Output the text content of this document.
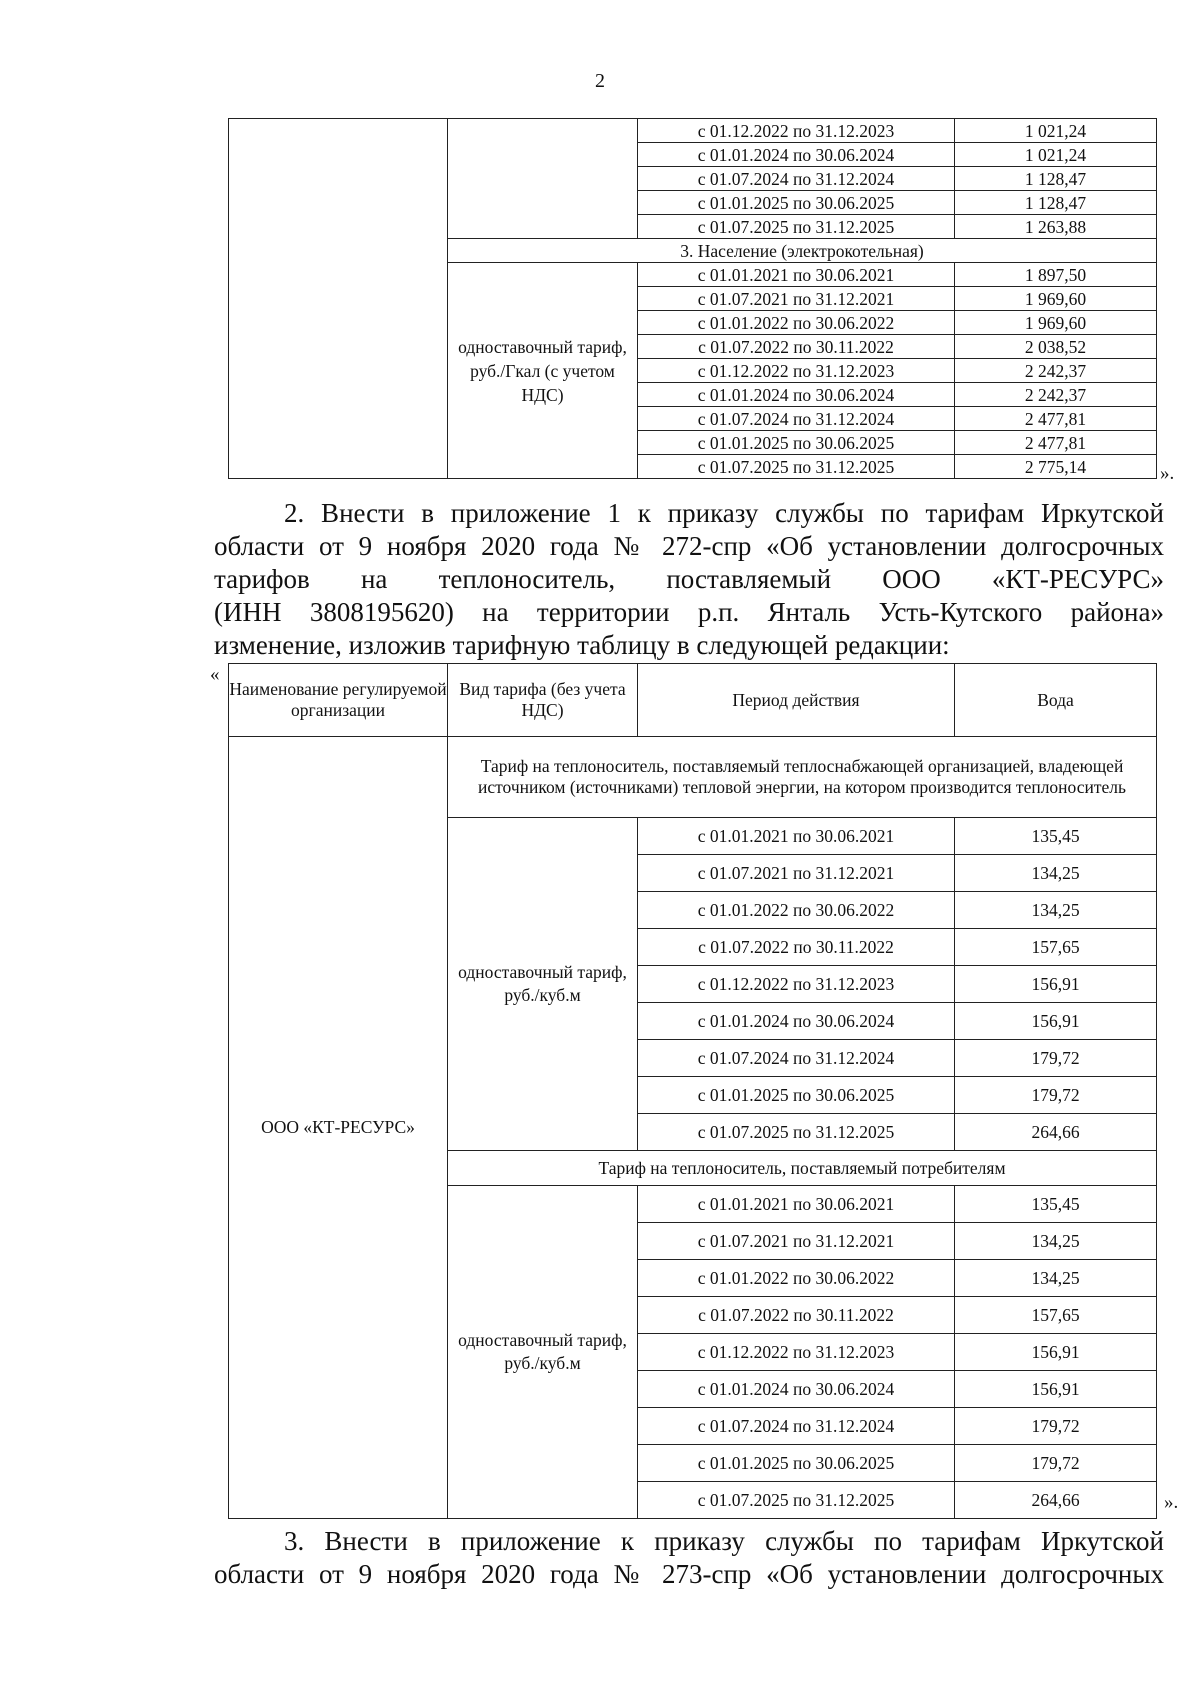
2
		с 01.12.2022 по 31.12.2023	1 021,24
		с 01.01.2024 по 30.06.2024	1 021,24
		с 01.07.2024 по 31.12.2024	1 128,47
		с 01.01.2025 по 30.06.2025	1 128,47
		с 01.07.2025 по 31.12.2025	1 263,88
	3. Население (электрокотельная)		
	одноставочный тариф, руб./Гкал (с учетом НДС)	с 01.01.2021 по 30.06.2021	1 897,50
		с 01.07.2021 по 31.12.2021	1 969,60
		с 01.01.2022 по 30.06.2022	1 969,60
		с 01.07.2022 по 30.11.2022	2 038,52
		с 01.12.2022 по 31.12.2023	2 242,37
		с 01.01.2024 по 30.06.2024	2 242,37
		с 01.07.2024 по 31.12.2024	2 477,81
		с 01.01.2025 по 30.06.2025	2 477,81
		с 01.07.2025 по 31.12.2025	2 775,14	».
2. Внести в приложение 1 к приказу службы по тарифам Иркутской
области от 9 ноября 2020 года № 272-спр «Об установлении долгосрочных
тарифов на теплоноситель, поставляемый ООО «КТ-РЕСУРС»
(ИНН 3808195620) на территории р.п. Янталь Усть-Кутского района»
изменение, изложив тарифную таблицу в следующей редакции:
«
Наименование регулируемой организации	Вид тарифа (без учета НДС)	Период действия	Вода
ООО «КТ-РЕСУРС»	Тариф на теплоноситель, поставляемый теплоснабжающей организацией, владеющей источником (источниками) тепловой энергии, на котором производится теплоноситель		
	одноставочный тариф, руб./куб.м	с 01.01.2021 по 30.06.2021	135,45
		с 01.07.2021 по 31.12.2021	134,25
		с 01.01.2022 по 30.06.2022	134,25
		с 01.07.2022 по 30.11.2022	157,65
		с 01.12.2022 по 31.12.2023	156,91
		с 01.01.2024 по 30.06.2024	156,91
		с 01.07.2024 по 31.12.2024	179,72
		с 01.01.2025 по 30.06.2025	179,72
		с 01.07.2025 по 31.12.2025	264,66
	Тариф на теплоноситель, поставляемый потребителям		
	одноставочный тариф, руб./куб.м	с 01.01.2021 по 30.06.2021	135,45
		с 01.07.2021 по 31.12.2021	134,25
		с 01.01.2022 по 30.06.2022	134,25
		с 01.07.2022 по 30.11.2022	157,65
		с 01.12.2022 по 31.12.2023	156,91
		с 01.01.2024 по 30.06.2024	156,91
		с 01.07.2024 по 31.12.2024	179,72
		с 01.01.2025 по 30.06.2025	179,72
		с 01.07.2025 по 31.12.2025	264,66	».
3. Внести в приложение к приказу службы по тарифам Иркутской
области от 9 ноября 2020 года № 273-спр «Об установлении долгосрочных
